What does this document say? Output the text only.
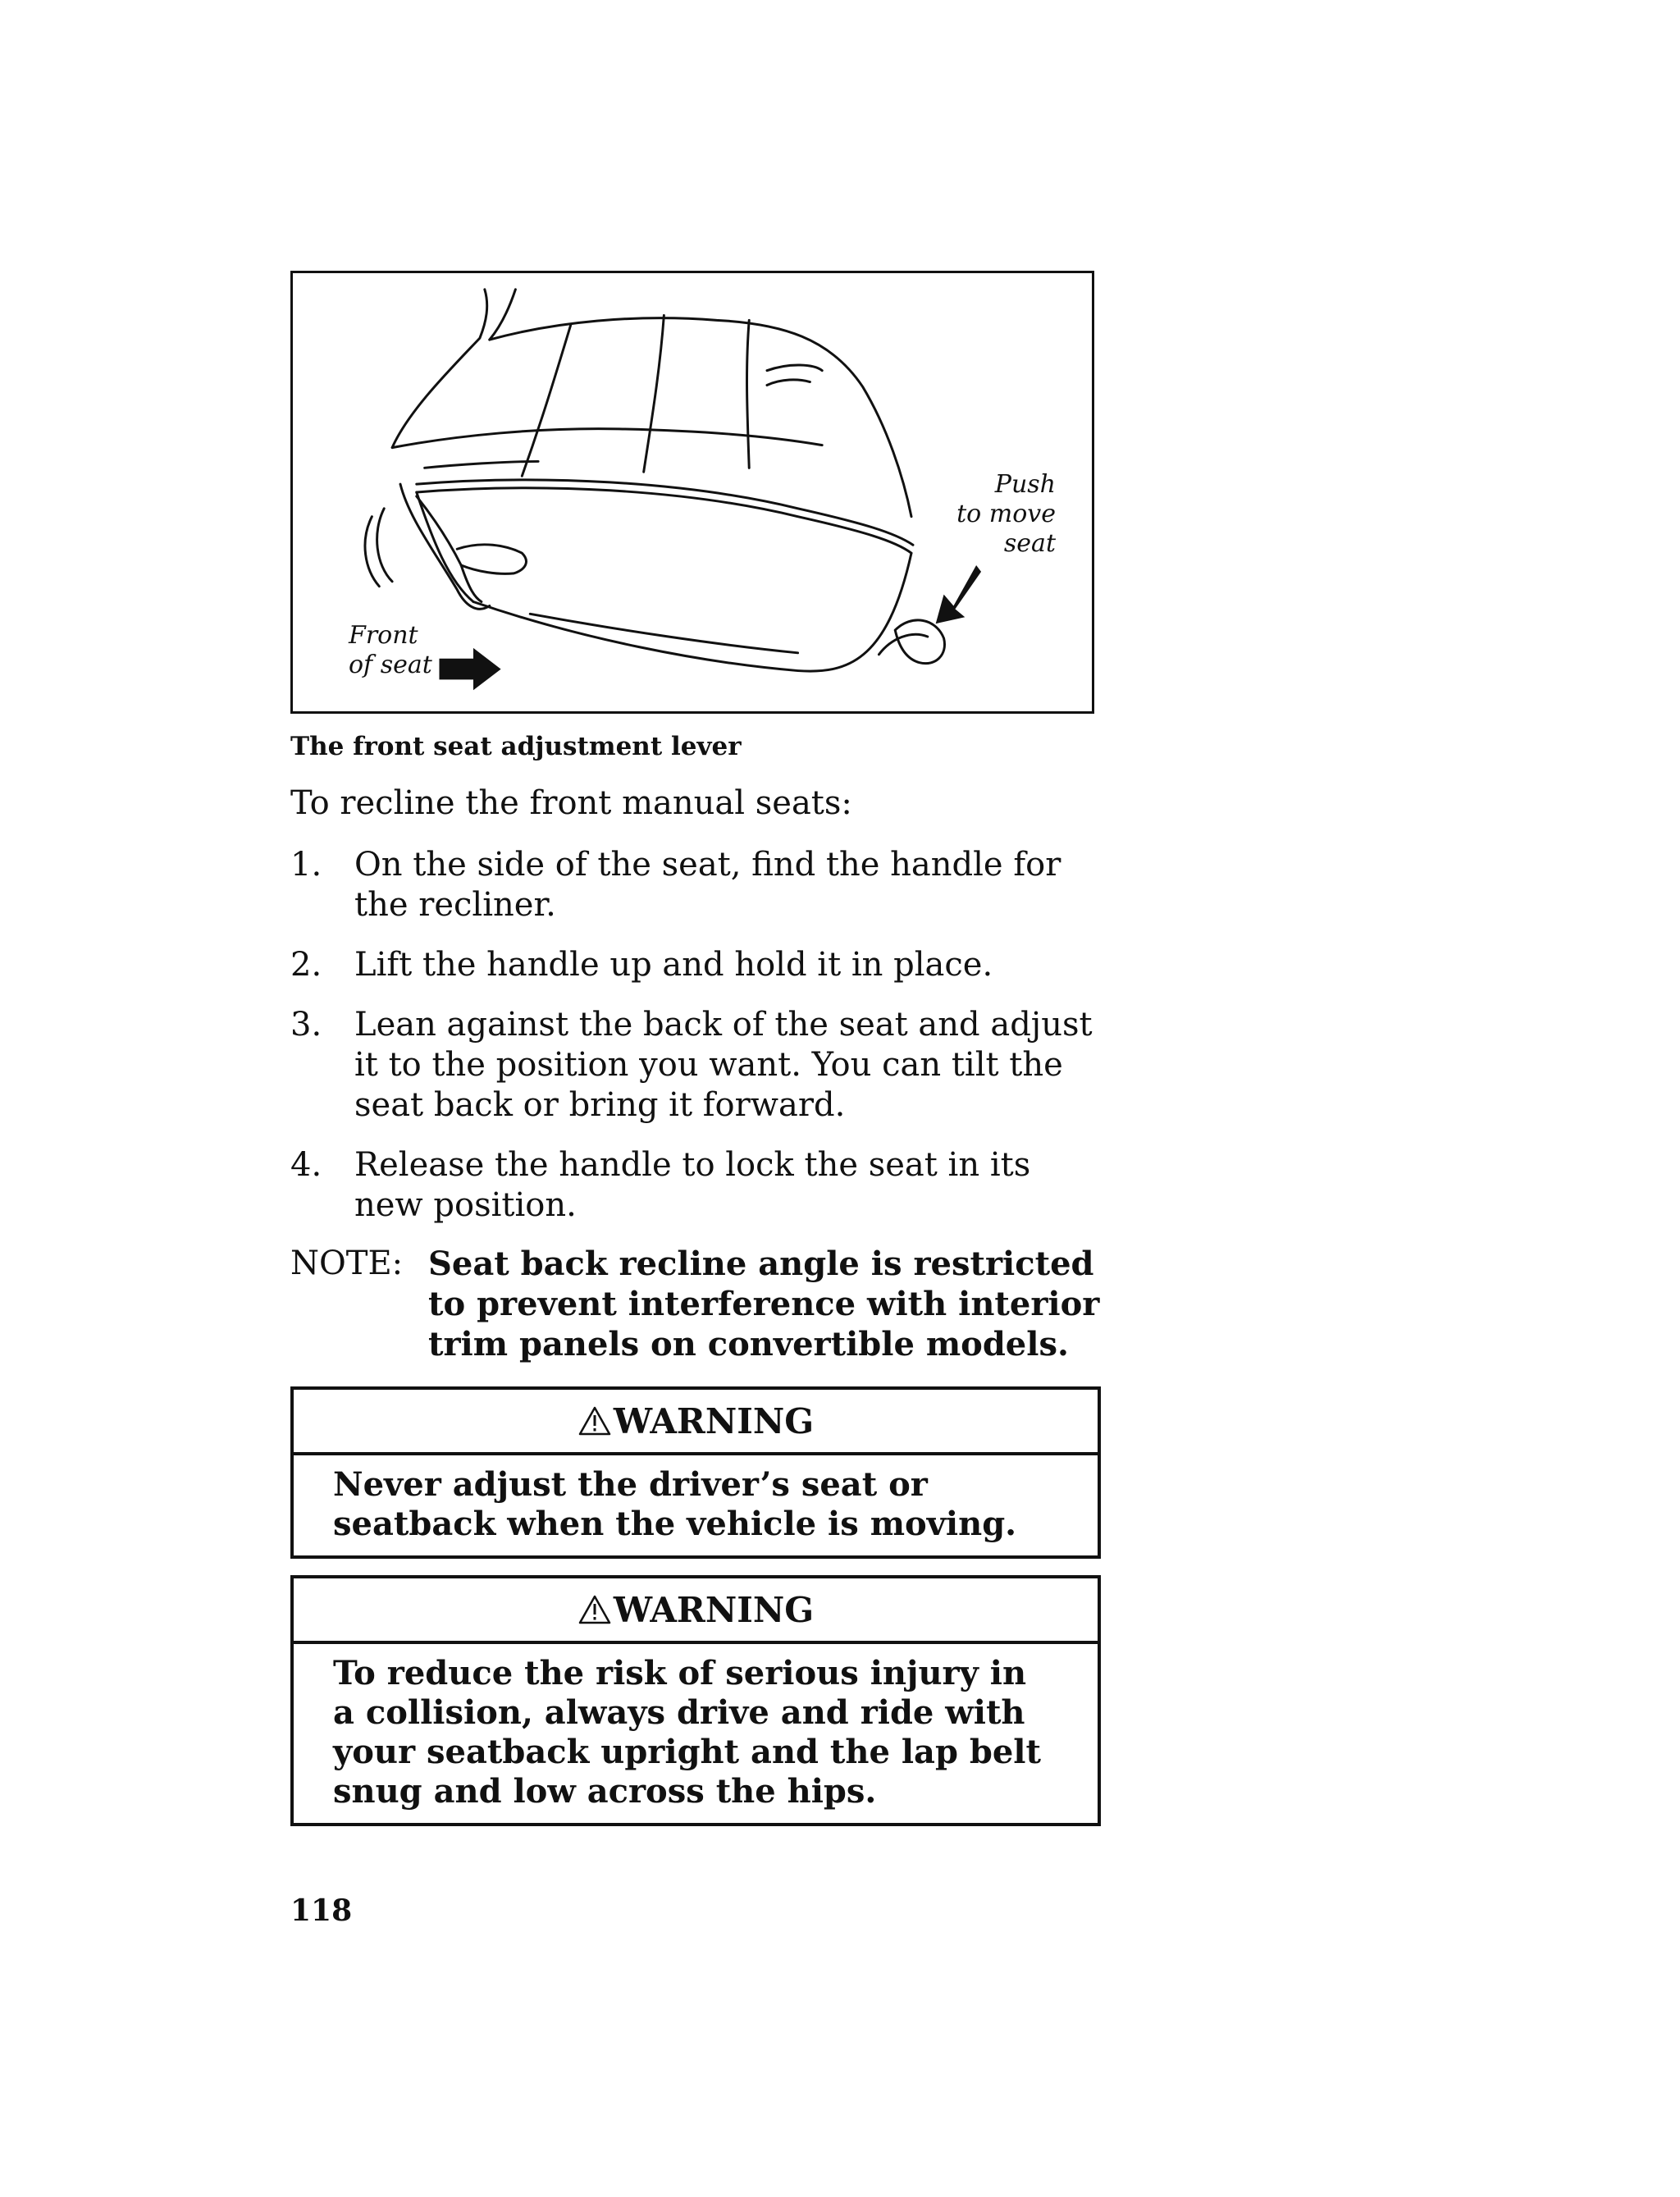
Push
to move
seat
Front
of seat
The front seat adjustment lever
To recline the front manual seats:
1. On the side of the seat, find the handle for the recliner.
2. Lift the handle up and hold it in place.
3. Lean against the back of the seat and adjust it to the position you want. You can tilt the seat back or bring it forward.
4. Release the handle to lock the seat in its new position.
NOTE: Seat back recline angle is restricted to prevent interference with interior trim panels on convertible models.
WARNING
Never adjust the driver’s seat or seatback when the vehicle is moving.
WARNING
To reduce the risk of serious injury in a collision, always drive and ride with your seatback upright and the lap belt snug and low across the hips.
118
